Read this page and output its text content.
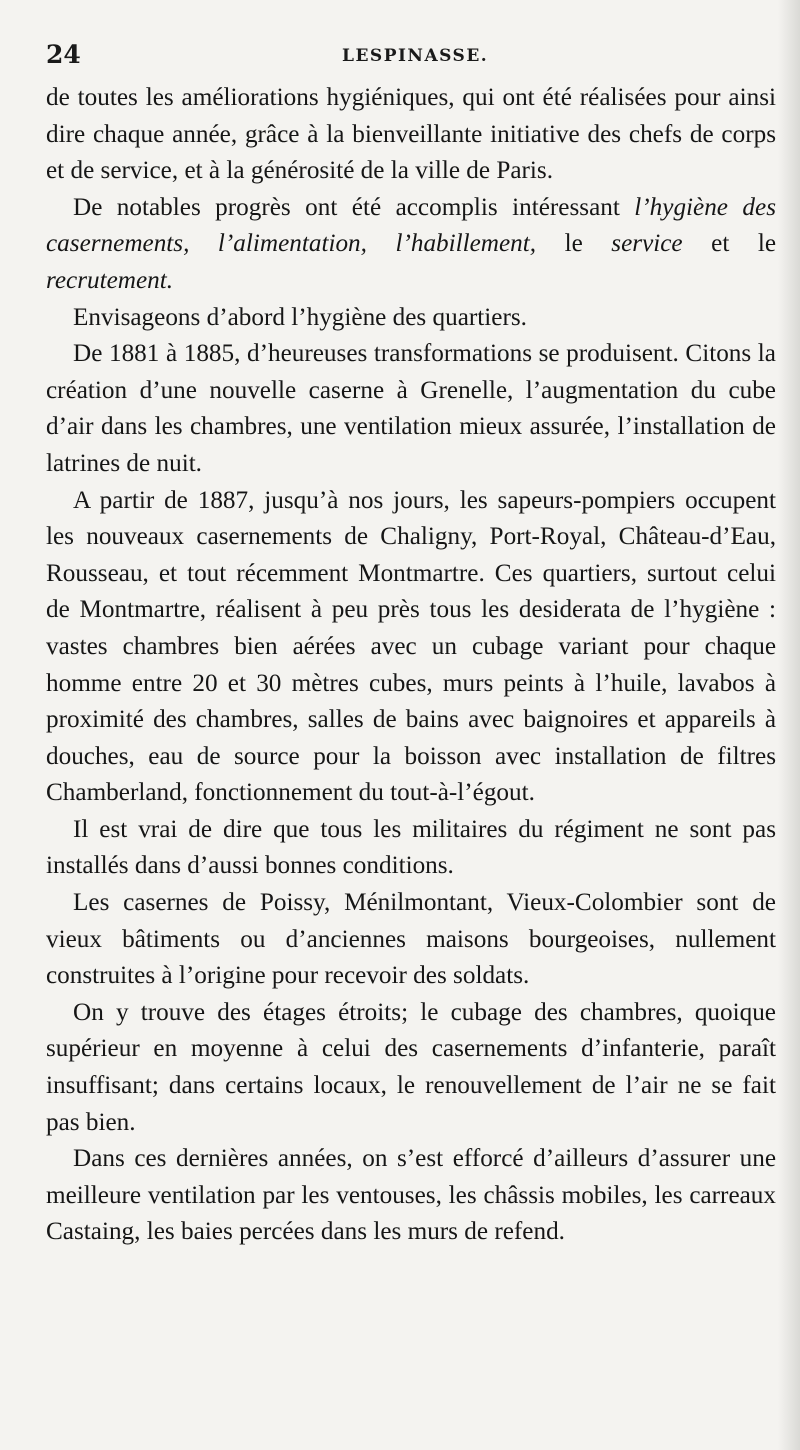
24	LESPINASSE.

de toutes les améliorations hygiéniques, qui ont été réalisées pour ainsi dire chaque année, grâce à la bienveillante initiative des chefs de corps et de service, et à la générosité de la ville de Paris.

De notables progrès ont été accomplis intéressant l’hygiène des casernements, l’alimentation, l’habillement, le service et le recrutement.

Envisageons d’abord l’hygiène des quartiers.

De 1881 à 1885, d’heureuses transformations se produisent. Citons la création d’une nouvelle caserne à Grenelle, l’augmentation du cube d’air dans les chambres, une ventilation mieux assurée, l’installation de latrines de nuit.

A partir de 1887, jusqu’à nos jours, les sapeurs-pompiers occupent les nouveaux casernements de Chaligny, Port-Royal, Château-d’Eau, Rousseau, et tout récemment Montmartre. Ces quartiers, surtout celui de Montmartre, réalisent à peu près tous les desiderata de l’hygiène : vastes chambres bien aérées avec un cubage variant pour chaque homme entre 20 et 30 mètres cubes, murs peints à l’huile, lavabos à proximité des chambres, salles de bains avec baignoires et appareils à douches, eau de source pour la boisson avec installation de filtres Chamberland, fonctionnement du tout-à-l’égout.

Il est vrai de dire que tous les militaires du régiment ne sont pas installés dans d’aussi bonnes conditions.

Les casernes de Poissy, Ménilmontant, Vieux-Colombier sont de vieux bâtiments ou d’anciennes maisons bourgeoises, nullement construites à l’origine pour recevoir des soldats.

On y trouve des étages étroits; le cubage des chambres, quoique supérieur en moyenne à celui des casernements d’infanterie, paraît insuffisant; dans certains locaux, le renouvellement de l’air ne se fait pas bien.

Dans ces dernières années, on s’est efforcé d’ailleurs d’assurer une meilleure ventilation par les ventouses, les châssis mobiles, les carreaux Castaing, les baies percées dans les murs de refend.
